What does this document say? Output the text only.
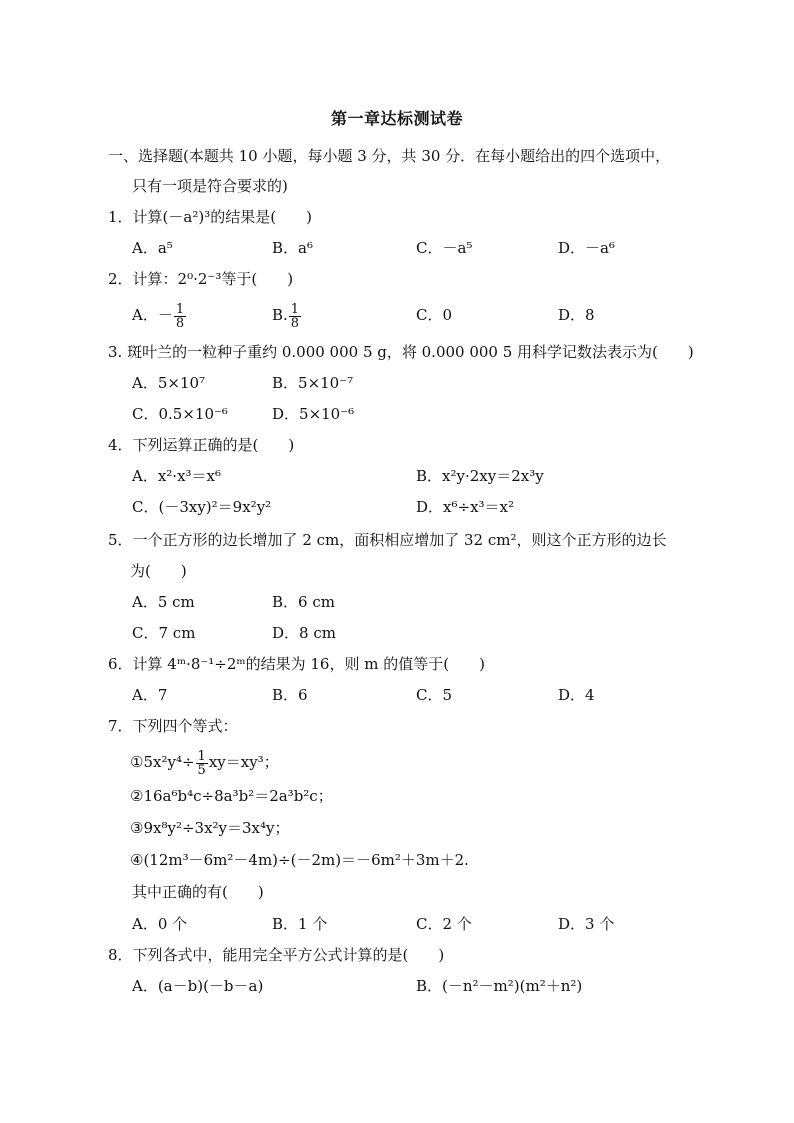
第一章达标测试卷
一、选择题(本题共 10 小题，每小题 3 分，共 30 分．在每小题给出的四个选项中，
只有一项是符合要求的)
1．计算(－a²)³的结果是(　　)
A．a⁵	B．a⁶	C．－a⁵	D．－a⁶
2．计算：2⁰·2⁻³等于(　　)
A．－ $\frac{1}{8}$	B. $\frac{1}{8}$	C．0	D．8
3. 斑叶兰的一粒种子重约 0.000 000 5 g，将 0.000 000 5 用科学记数法表示为(　　)
A．5×10⁷	B．5×10⁻⁷
C．0.5×10⁻⁶	D．5×10⁻⁶
4．下列运算正确的是(　　)
A．x²·x³＝x⁶	B．x²y·2xy＝2x³y
C．(－3xy)²＝9x²y²	D．x⁶÷x³＝x²
5．一个正方形的边长增加了 2 cm，面积相应增加了 32 cm²，则这个正方形的边长
为(　　)
A．5 cm	B．6 cm
C．7 cm	D．8 cm
6．计算 4ᵐ·8⁻¹÷2ᵐ的结果为 16，则 m 的值等于(　　)
A．7	B．6	C．5	D．4
7．下列四个等式：
①5x²y⁴÷ $\frac{1}{5} xy=xy^3$；
②16a⁶b⁴c÷8a³b²＝2a³b²c；
③9x⁸y²÷3x²y＝3x⁴y；
④(12m³－6m²－4m)÷(－2m)＝－6m²＋3m＋2.
其中正确的有(　　)
A．0 个	B．1 个	C．2 个	D．3 个
8．下列各式中，能用完全平方公式计算的是(　　)
A．(a－b)(－b－a)	B．(－n²－m²)(m²＋n²)
